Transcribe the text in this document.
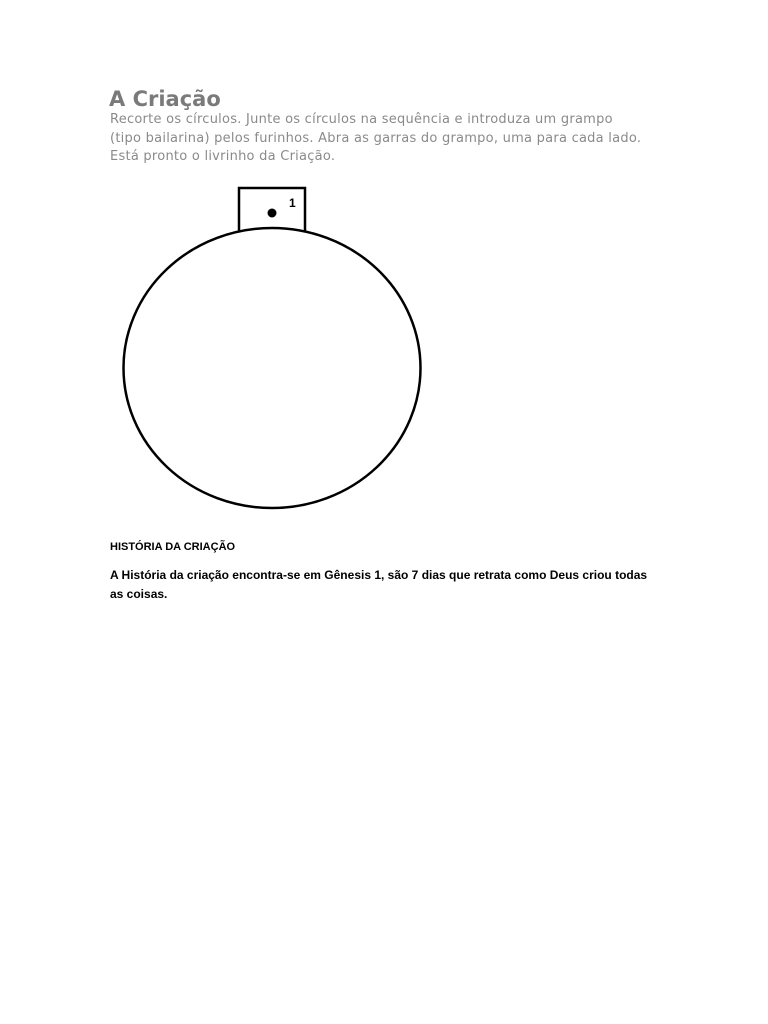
A Criação
Recorte os círculos. Junte os círculos na sequência e introduza um grampo
(tipo bailarina) pelos furinhos. Abra as garras do grampo, uma para cada lado.
Está pronto o livrinho da Criação.
1
HISTÓRIA DA CRIAÇÃO
A História da criação encontra-se em Gênesis 1, são 7 dias que retrata como Deus criou todas
as coisas.
